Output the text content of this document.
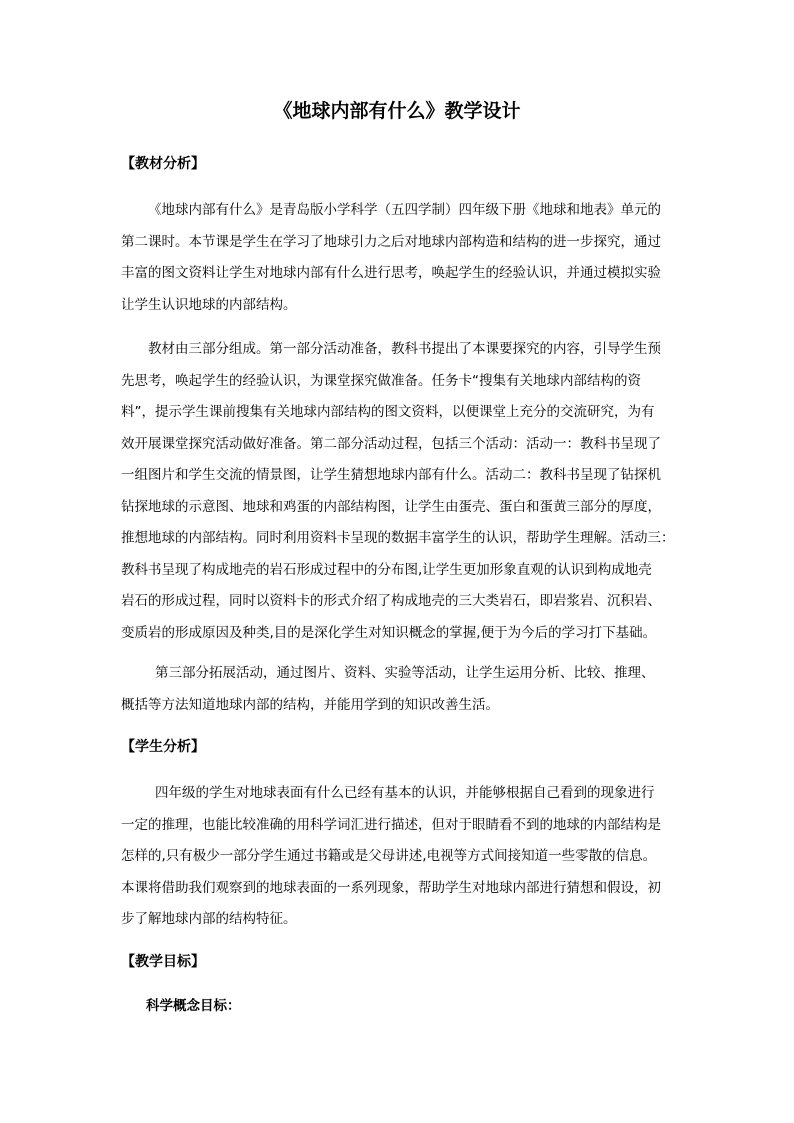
《地球内部有什么》教学设计
【教材分析】
《地球内部有什么》是青岛版小学科学（五四学制）四年级下册《地球和地表》单元的
第二课时。本节课是学生在学习了地球引力之后对地球内部构造和结构的进一步探究，通过
丰富的图文资料让学生对地球内部有什么进行思考，唤起学生的经验认识，并通过模拟实验
让学生认识地球的内部结构。
教材由三部分组成。第一部分活动准备，教科书提出了本课要探究的内容，引导学生预
先思考，唤起学生的经验认识，为课堂探究做准备。任务卡“搜集有关地球内部结构的资
料”，提示学生课前搜集有关地球内部结构的图文资料，以便课堂上充分的交流研究，为有
效开展课堂探究活动做好准备。第二部分活动过程，包括三个活动：活动一：教科书呈现了
一组图片和学生交流的情景图，让学生猜想地球内部有什么。活动二：教科书呈现了钻探机
钻探地球的示意图、地球和鸡蛋的内部结构图，让学生由蛋壳、蛋白和蛋黄三部分的厚度，
推想地球的内部结构。同时利用资料卡呈现的数据丰富学生的认识，帮助学生理解。活动三：
教科书呈现了构成地壳的岩石形成过程中的分布图,让学生更加形象直观的认识到构成地壳
岩石的形成过程，同时以资料卡的形式介绍了构成地壳的三大类岩石，即岩浆岩、沉积岩、
变质岩的形成原因及种类,目的是深化学生对知识概念的掌握,便于为今后的学习打下基础。
第三部分拓展活动，通过图片、资料、实验等活动，让学生运用分析、比较、推理、
概括等方法知道地球内部的结构，并能用学到的知识改善生活。
【学生分析】
四年级的学生对地球表面有什么已经有基本的认识，并能够根据自己看到的现象进行
一定的推理，也能比较准确的用科学词汇进行描述，但对于眼睛看不到的地球的内部结构是
怎样的,只有极少一部分学生通过书籍或是父母讲述,电视等方式间接知道一些零散的信息。
本课将借助我们观察到的地球表面的一系列现象，帮助学生对地球内部进行猜想和假设，初
步了解地球内部的结构特征。
【教学目标】
科学概念目标：
